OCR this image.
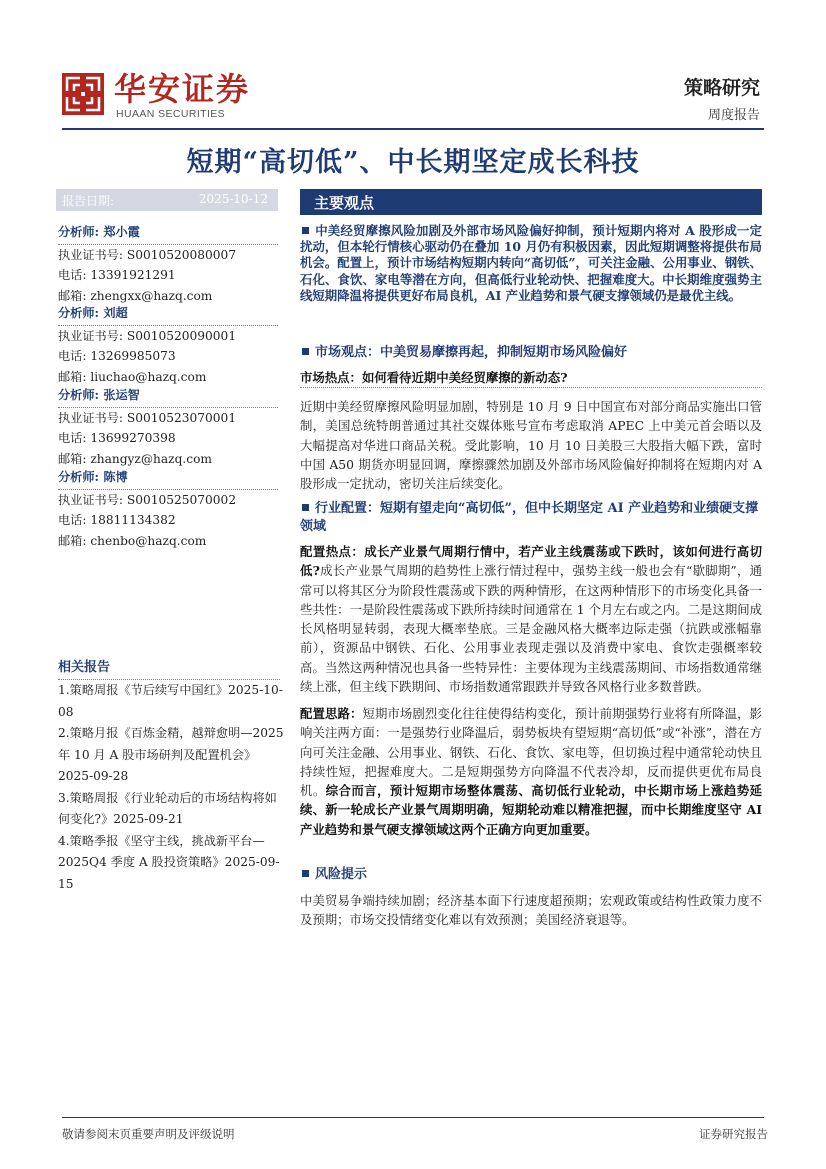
华安证券
HUAAN SECURITIES
策略研究
周度报告
短期“高切低”、中长期坚定成长科技
报告日期:	2025-10-12
分析师: 郑小霞
执业证书号: S0010520080007
电话: 13391921291
邮箱: zhengxx@hazq.com
分析师: 刘超
执业证书号: S0010520090001
电话: 13269985073
邮箱: liuchao@hazq.com
分析师: 张运智
执业证书号: S0010523070001
电话: 13699270398
邮箱: zhangyz@hazq.com
分析师: 陈博
执业证书号: S0010525070002
电话: 18811134382
邮箱: chenbo@hazq.com
相关报告
1.策略周报《节后续写中国红》2025-10-08
2.策略月报《百炼金精，越辩愈明—2025 年 10 月 A 股市场研判及配置机会》2025-09-28
3.策略周报《行业轮动后的市场结构将如何变化?》2025-09-21
4.策略季报《坚守主线，挑战新平台—2025Q4 季度 A 股投资策略》2025-09-15
主要观点
中美经贸摩擦风险加剧及外部市场风险偏好抑制，预计短期内将对 A 股形成一定扰动，但本轮行情核心驱动仍在叠加 10 月仍有积极因素，因此短期调整将提供布局机会。配置上，预计市场结构短期内转向“高切低”，可关注金融、公用事业、钢铁、石化、食饮、家电等潜在方向，但高低行业轮动快、把握难度大。中长期维度强势主线短期降温将提供更好布局良机，AI 产业趋势和景气硬支撑领域仍是最优主线。
市场观点：中美贸易摩擦再起，抑制短期市场风险偏好
市场热点：如何看待近期中美经贸摩擦的新动态?
近期中美经贸摩擦风险明显加剧，特别是 10 月 9 日中国宣布对部分商品实施出口管制，美国总统特朗普通过其社交媒体账号宣布考虑取消 APEC 上中美元首会晤以及大幅提高对华进口商品关税。受此影响，10 月 10 日美股三大股指大幅下跌，富时中国 A50 期货亦明显回调，摩擦骤然加剧及外部市场风险偏好抑制将在短期内对 A 股形成一定扰动，密切关注后续变化。
行业配置：短期有望走向“高切低”，但中长期坚定 AI 产业趋势和业绩硬支撑领域
配置热点：成长产业景气周期行情中，若产业主线震荡或下跌时，该如何进行高切低?成长产业景气周期的趋势性上涨行情过程中，强势主线一般也会有“歇脚期”，通常可以将其区分为阶段性震荡或下跌的两种情形，在这两种情形下的市场变化具备一些共性：一是阶段性震荡或下跌所持续时间通常在 1 个月左右或之内。二是这期间成长风格明显转弱，表现大概率垫底。三是金融风格大概率边际走强（抗跌或涨幅靠前），资源品中钢铁、石化、公用事业表现走强以及消费中家电、食饮走强概率较高。当然这两种情况也具备一些特异性：主要体现为主线震荡期间、市场指数通常继续上涨，但主线下跌期间、市场指数通常跟跌并导致各风格行业多数普跌。
配置思路：短期市场剧烈变化往往使得结构变化，预计前期强势行业将有所降温，影响关注两方面：一是强势行业降温后，弱势板块有望短期“高切低”或“补涨”，潜在方向可关注金融、公用事业、钢铁、石化、食饮、家电等，但切换过程中通常轮动快且持续性短，把握难度大。二是短期强势方向降温不代表冷却，反而提供更优布局良机。综合而言，预计短期市场整体震荡、高切低行业轮动，中长期市场上涨趋势延续、新一轮成长产业景气周期明确，短期轮动难以精准把握，而中长期维度坚守 AI 产业趋势和景气硬支撑领域这两个正确方向更加重要。
风险提示
中美贸易争端持续加剧；经济基本面下行速度超预期；宏观政策或结构性政策力度不及预期；市场交投情绪变化难以有效预测；美国经济衰退等。
敬请参阅末页重要声明及评级说明	证券研究报告
